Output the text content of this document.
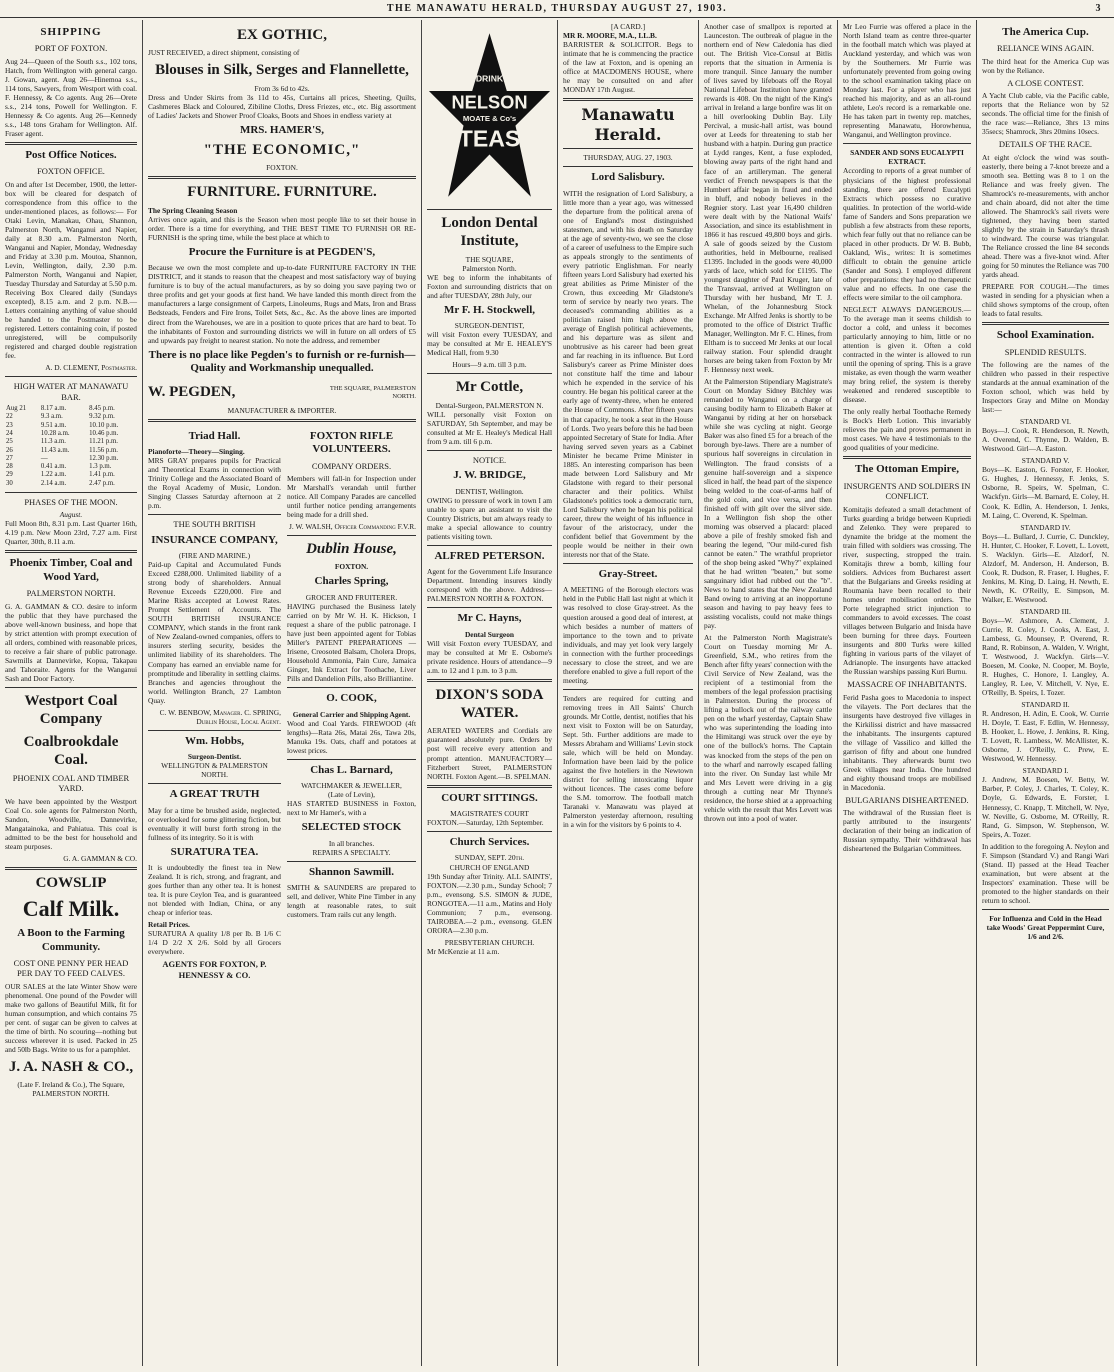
THE MANAWATU HERALD, THURSDAY AUGUST 27, 1903.	3
SHIPPING
PORT OF FOXTON.

Aug 24—Queen of the South s.s., 102 tons, Hatch, from Wellington with general cargo. J. Gowan, agent. Aug 26—Hinemoa s.s., 114 tons, Sawyers, from Westport with coal. F. Hennessy, & Co agents. Aug 26—Orete s.s., 214 tons, Powell for Wellington. F. Hennessy & Co agents. Aug 26—Kennedy s.s., 148 tons Graham for Wellington. Alf. Fraser agent.

Post Office Notices.
FOXTON OFFICE.

On and after 1st December, 1900, the letter-box will be cleared for despatch of correspondence from this office to the under-mentioned places, as follows:— For Otaki Levin, Manakau, Ohau, Shannon, Palmerston North, Wanganui and Napier, daily at 8.30 a.m. Palmerston North, Wanganui and Napier, Monday, Wednesday and Friday at 3.30 p.m. Moutoa, Shannon, Levin, Wellington, daily, 2.30 p.m. Palmerston North, Wanganui and Napier, Tuesday Thursday and Saturday at 5.50 p.m. Receiving Box Cleared daily (Sundays excepted), 8.15 a.m. and 2 p.m. N.B.—Letters containing anything of value should be handed to the Postmaster to be registered. Letters containing coin, if posted unregistered, will be compulsorily registered and charged double registration fee.

A. D. CLEMENT, Postmaster.
HIGH WATER AT MANAWATU BAR.
Aug 21	8.17 a.m.	8.45 p.m.
22	9.3 a.m.	9.32 p.m.
23	9.51 a.m.	10.10 p.m.
24	10.28 a.m.	10.46 p.m.
25	11.3 a.m.	11.21 p.m.
26	11.43 a.m.	11.56 p.m.
27	—	12.30 p.m.
28	0.41 a.m.	1.3 p.m.
29	1.22 a.m.	1.41 p.m.
30	2.14 a.m.	2.47 p.m.
PHASES OF THE MOON.
August.

Full Moon 8th, 8.31 p.m. Last Quarter 16th, 4.19 p.m. New Moon 23rd, 7.27 a.m. First Quarter, 30th, 8.11 a.m.

Phoenix Timber, Coal and Wood Yard,
PALMERSTON NORTH.

G. A. GAMMAN & CO. desire to inform the public that they have purchased the above well-known business, and hope that by strict attention with prompt execution of all orders, combined with reasonable prices, to receive a fair share of public patronage. Sawmills at Dannevirke, Kopua, Takapau and Tahoraite. Agents for the Wanganui Sash and Door Factory.

Westport Coal Company
Coalbrookdale Coal.
PHOENIX COAL AND TIMBER YARD.

We have been appointed by the Westport Coal Co. sole agents for Palmerston North, Sandon, Woodville, Dannevirke, Mangatainoka, and Pahiatua. This coal is admitted to be the best for household and steam purposes.

G. A. GAMMAN & CO.
COWSLIP
Calf Milk.
A Boon to the Farming Community.
COST ONE PENNY PER HEAD PER DAY TO FEED CALVES.

OUR SALES at the late Winter Show were phenomenal. One pound of the Powder will make two gallons of Beautiful Milk, fit for human consumption, and which contains 75 per cent. of sugar can be given to calves at the time of birth. No scouring—nothing but success wherever it is used. Packed in 25 and 50lb Bags. Write to us for a pamphlet.

J. A. NASH & CO.,
(Late F. Ireland & Co.), The Square, PALMERSTON NORTH.
EX GOTHIC,

JUST RECEIVED, a direct shipment, consisting of

Blouses in Silk, Serges and Flannellette,
From 3s 6d to 42s.

Dress and Under Skirts from 3s 11d to 45s, Curtains all prices, Sheeting, Quilts, Cashmeres Black and Coloured, Zibiline Cloths, Dress Friezes, etc., etc. Big assortment of Ladies' Jackets and Shower Proof Cloaks, Boots and Shoes in endless variety at

MRS. HAMER'S,
"THE ECONOMIC,"
FOXTON.
FURNITURE. FURNITURE.
The Spring Cleaning Season

Arrives once again, and this is the Season when most people like to set their house in order. There is a time for everything, and THE BEST TIME TO FURNISH OR RE-FURNISH is the spring time, while the best place at which to

Procure the Furniture is at PEGDEN'S,

Because we own the most complete and up-to-date FURNITURE FACTORY IN THE DISTRICT, and it stands to reason that the cheapest and most satisfactory way of buying furniture is to buy of the actual manufacturers, as by so doing you save paying two or three profits and get your goods at first hand. We have landed this month direct from the manufacturers a large consignment of Carpets, Linoleums, Rugs and Mats, Iron and Brass Bedsteads, Fenders and Fire Irons, Toilet Sets, &c., &c. As the above lines are imported direct from the Warehouses, we are in a position to quote prices that are hard to beat. To the inhabitants of Foxton and surrounding districts we will in future on all orders of £5 and upwards pay freight to nearest station. No note the address, and remember

There is no place like Pegden's to furnish or re-furnish—Quality and Workmanship unequalled.
W. PEGDEN,	THE SQUARE, PALMERSTON NORTH.
MANUFACTURER & IMPORTER.
Triad Hall.
Pianoforte—Theory—Singing.

MRS GRAY prepares pupils for Practical and Theoretical Exams in connection with Trinity College and the Associated Board of the Royal Academy of Music, London. Singing Classes Saturday afternoon at 2 p.m.

THE SOUTH BRITISH
INSURANCE COMPANY,
(FIRE AND MARINE.)

Paid-up Capital and Accumulated Funds Exceed £288,000. Unlimited liability of a strong body of shareholders. Annual Revenue Exceeds £220,000. Fire and Marine Risks accepted at Lowest Rates. Prompt Settlement of Accounts. The SOUTH BRITISH INSURANCE COMPANY, which stands in the front rank of New Zealand-owned companies, offers to insurers sterling security, besides the unlimited liability of its shareholders. The Company has earned an enviable name for promptitude and liberality in settling claims. Branches and agencies throughout the world. Wellington Branch, 27 Lambton Quay.

C. W. BENBOW, Manager. C. SPRING, Dublin House, Local Agent.
Wm. Hobbs,
Surgeon-Dentist.
WELLINGTON & PALMERSTON NORTH.
A GREAT TRUTH

May for a time be brushed aside, neglected, or overlooked for some glittering fiction, but eventually it will burst forth strong in the fullness of its integrity. So it is with

SURATURA TEA.

It is undoubtedly the finest tea in New Zealand. It is rich, strong, and fragrant, and goes further than any other tea. It is honest tea. It is pure Ceylon Tea, and is guaranteed not blended with Indian, China, or any cheap or inferior teas.

Retail Prices.

SURATURA A quality 1/8 per lb. B 1/6 C 1/4 D 2/2 X 2/6. Sold by all Grocers everywhere.

AGENTS FOR FOXTON, P. HENNESSY & CO.
FOXTON RIFLE VOLUNTEERS.
COMPANY ORDERS.

Members will fall-in for Inspection under Mr Marshall's verandah until further notice. All Company Parades are cancelled until further notice pending arrangements being made for a drill shed.

J. W. WALSH, Officer Commanding F.V.R.
Dublin House,
FOXTON.
Charles Spring,
GROCER AND FRUITERER.

HAVING purchased the Business lately carried on by Mr W. H. K. Hickson, I request a share of the public patronage. I have just been appointed agent for Tobias Miller's PATENT PREPARATIONS — Irisene, Creosoted Balsam, Cholera Drops, Household Ammonia, Pain Cure, Jamaica Ginger, Ink Extract for Toothache, Liver Pills and Dandelion Pills, also Brilliantine.

O. COOK,
General Carrier and Shipping Agent.

Wood and Coal Yards. FIREWOOD (4ft lengths)—Rata 26s, Matai 26s, Tawa 20s, Manuka 19s. Oats, chaff and potatoes at lowest prices.

Chas L. Barnard,
WATCHMAKER & JEWELLER,
(Late of Levin),

HAS STARTED BUSINESS in Foxton, next to Mr Hamer's, with a

SELECTED STOCK
In all branches.
REPAIRS A SPECIALTY.
Shannon Sawmill.

SMITH & SAUNDERS are prepared to sell, and deliver, White Pine Timber in any length at reasonable rates, to suit customers. Tram rails cut any length.

DRINK
NELSON
MOATE & Co's
TEAS
London Dental Institute,
THE SQUARE,
Palmerston North.

WE beg to inform the inhabitants of Foxton and surrounding districts that on and after TUESDAY, 28th July, our

Mr F. H. Stockwell,
SURGEON-DENTIST,

will visit Foxton every TUESDAY, and may be consulted at Mr E. HEALEY'S Medical Hall, from 9.30

Hours—9 a.m. till 3 p.m.
Mr Cottle,
Dental-Surgeon, PALMERSTON N.

WILL personally visit Foxton on SATURDAY, 5th September, and may be consulted at Mr E. Healey's Medical Hall from 9 a.m. till 6 p.m.

NOTICE.
J. W. BRIDGE,
DENTIST, Wellington.

OWING to pressure of work in town I am unable to spare an assistant to visit the Country Districts, but am always ready to make a special allowance to country patients visiting town.

ALFRED PETERSON.

Agent for the Government Life Insurance Department. Intending insurers kindly correspond with the above. Address— PALMERSTON NORTH & FOXTON.

Mr C. Hayns,
Dental Surgeon

Will visit Foxton every TUESDAY, and may be consulted at Mr E. Osborne's private residence. Hours of attendance—9 a.m. to 12 and 1 p.m. to 3 p.m.

DIXON'S SODA WATER.

AERATED WATERS and Cordials are guaranteed absolutely pure. Orders by post will receive every attention and prompt attention. MANUFACTORY—Fitzherbert Street, PALMERSTON NORTH. Foxton Agent.—B. SPELMAN.

COURT SITTINGS.
MAGISTRATE'S COURT

FOXTON.—Saturday, 12th September.

Church Services.
SUNDAY, SEPT. 20th.
CHURCH OF ENGLAND

19th Sunday after Trinity. ALL SAINTS', FOXTON.—2.30 p.m., Sunday School; 7 p.m., evensong. S.S. SIMON & JUDE, RONGOTEA.—11 a.m., Matins and Holy Communion; 7 p.m., evensong. TAIROBEA.—2 p.m., evensong. GLEN ORORA—2.30 p.m.

PRESBYTERIAN CHURCH.

Mr McKenzie at 11 a.m.

[A CARD.]
MR R. MOORE, M.A., LL.B.

BARRISTER & SOLICITOR. Begs to intimate that he is commencing the practice of the law at Foxton, and is opening an office at MACDOMENS HOUSE, where he may be consulted on and after MONDAY 17th August.

Manawatu Herald.
THURSDAY, AUG. 27, 1903.
Lord Salisbury.

WITH the resignation of Lord Salisbury, a little more than a year ago, was witnessed the departure from the political arena of one of England's most distinguished statesmen, and with his death on Saturday at the age of seventy-two, we see the close of a career of usefulness to the Empire such as appeals strongly to the sentiments of every patriotic Englishman. For nearly fifteen years Lord Salisbury had exerted his great abilities as Prime Minister of the Crown, thus exceeding Mr Gladstone's term of service by nearly two years. The deceased's commanding abilities as a politician raised him high above the average of English political achievements, and his departure was as silent and unobtrusive as his career had been great and far reaching in its influence. But Lord Salisbury's career as Prime Minister does not constitute half the time and labour which he expended in the service of his country. He began his political career at the early age of twenty-three, when he entered the House of Commons. After fifteen years in that capacity, he took a seat in the House of Lords. Two years before this he had been appointed Secretary of State for India. After having served seven years as a Cabinet Minister he became Prime Minister in 1885. An interesting comparison has been made between Lord Salisbury and Mr Gladstone with regard to their personal character and their politics. Whilst Gladstone's politics took a democratic turn, Lord Salisbury when he began his political career, threw the weight of his influence in favour of the aristocracy, under the confident belief that Government by the people would be neither in their own interests nor that of the State.

Gray-Street.

A MEETING of the Borough electors was held in the Public Hall last night at which it was resolved to close Gray-street. As the question aroused a good deal of interest, at which besides a number of matters of importance to the town and to private individuals, and may yet look very largely in connection with the further proceedings necessary to close the street, and we are therefore enabled to give a full report of the meeting.

Tenders are required for cutting and removing trees in All Saints' Church grounds. Mr Cottle, dentist, notifies that his next visit to Foxton will be on Saturday, Sept. 5th. Further additions are made to Messrs Abraham and Williams' Levin stock sale, which will be held on Monday. Information have been laid by the police against the five hoteliers in the Newtown district for selling intoxicating liquor without licences. The cases come before the S.M. tomorrow. The football match Taranaki v. Manawatu was played at Palmerston yesterday afternoon, resulting in a win for the visitors by 6 points to 4.

Another case of smallpox is reported at Launceston. The outbreak of plague in the northern end of New Caledonia has died out. The British Vice-Consul at Bitlis reports that the situation in Armenia is more tranquil. Since January the number of lives saved by lifeboats off the Royal National Lifeboat Institution have granted rewards is 408. On the night of the King's arrival in Ireland a large bonfire was lit on a hill overlooking Dublin Bay. Lily Percival, a music-hall artist, was bound over at Leeds for threatening to stab her husband with a hatpin. During gun practice at Lydd ranges, Kent, a fuse exploded, blowing away parts of the right hand and face of an artilleryman. The general verdict of French newspapers is that the Humbert affair began in fraud and ended in bluff, and nobody believes in the Regnier story. Last year 16,490 children were dealt with by the National Waifs' Association, and since its establishment in 1866 it has rescued 49,800 boys and girls. A sale of goods seized by the Custom authorities, held in Melbourne, realised £1395. Included in the goods were 40,000 yards of lace, which sold for £1195. The youngest daughter of Paul Kruger, late of the Transvaal, arrived at Wellington on Thursday with her husband, Mr T. J. Whelan, of the Johannesburg Stock Exchange. Mr Alfred Jenks is shortly to be promoted to the office of District Traffic Manager, Wellington. Mr F. C. Hines, from Eltham is to succeed Mr Jenks at our local railway station. Four splendid draught horses are being taken from Foxton by Mr F. Hennessy next week.

At the Palmerston Stipendiary Magistrate's Court on Monday Sidney Bitchley was remanded to Wanganui on a charge of causing bodily harm to Elizabeth Baker at Wanganui by riding at her on horseback while she was cycling at night. George Baker was also fined £5 for a breach of the borough bye-laws. There are a number of spurious half sovereigns in circulation in Wellington. The fraud consists of a genuine half-sovereign and a sixpence sliced in half, the head part of the sixpence being welded to the coat-of-arms half of the gold coin, and vice versa, and then finished off with gilt over the silver side. In a Wellington fish shop the other morning was observed a placard: placed above a pile of freshly smoked fish and bearing the legend, "Our mild-cured fish cannot be eaten." The wrathful proprietor of the shop being asked "Why?" explained that he had written "beaten," but some sanguinary idiot had rubbed out the "b". News to hand states that the New Zealand Band owing to arriving at an inopportune season and having to pay heavy fees to assisting vocalists, could not make things pay.

At the Palmerston North Magistrate's Court on Tuesday morning Mr A. Greenfield, S.M., who retires from the Bench after fifty years' connection with the Civil Service of New Zealand, was the recipient of a testimonial from the members of the legal profession practising in Palmerston. During the process of lifting a bullock out of the railway cattle pen on the wharf yesterday, Captain Shaw who was superintending the loading into the Himitangi was struck over the eye by one of the bullock's horns. The Captain was knocked from the steps of the pen on to the wharf and narrowly escaped falling into the river. On Sunday last while Mr and Mrs Levett were driving in a gig through a cutting near Mr Thynne's residence, the horse shied at a approaching vehicle with the result that Mrs Levett was thrown out into a pool of water.

Mr Leo Furrie was offered a place in the North Island team as centre three-quarter in the football match which was played at Auckland yesterday, and which was won by the Southerners. Mr Furrie was unfortunately prevented from going owing to the school examination taking place on Monday last. For a player who has just reached his majority, and as an all-round athlete, Leo's record is a remarkable one. He has taken part in twenty rep. matches, representing Manawatu, Horowhenua, Wanganui, and Wellington province.

SANDER AND SONS EUCALYPTI EXTRACT.

According to reports of a great number of physicians of the highest professional standing, there are offered Eucalypti Extracts which possess no curative qualities. In protection of the world-wide fame of Sanders and Sons preparation we publish a few abstracts from these reports, which fear fully out that no reliance can be placed in other products. Dr W. B. Bubb, Oakland, Wis., writes: It is sometimes difficult to obtain the genuine article (Sander and Sons). I employed different other preparations: they had no therapeutic value and no effects. In one case the effects were similar to the oil camphora.

NEGLECT ALWAYS DANGEROUS.—To the average man it seems childish to doctor a cold, and unless it becomes particularly annoying to him, little or no attention is given it. Often a cold contracted in the winter is allowed to run until the opening of spring. This is a grave mistake, as even though the warm weather may bring relief, the system is thereby weakened and rendered susceptible to disease.

The only really herbal Toothache Remedy is Bock's Herb Lotion. This invariably relieves the pain and proves permanent in most cases. We have 4 testimonials to the good qualities of your medicine.

The Ottoman Empire,
INSURGENTS AND SOLDIERS IN CONFLICT.

Komitajis defeated a small detachment of Turks guarding a bridge between Kupriedi and Zelenko. They were prepared to dynamite the bridge at the moment the train filled with soldiers was crossing. The river, suspecting, stropped the train. Komitajis threw a bomb, killing four soldiers. Advices from Bucharest assert that the Bulgarians and Greeks residing at Roumania have been recalled to their homes under mobilisation orders. The Porte telegraphed strict injunction to commanders to avoid excesses. The coast villages between Bulgario and Inisda have been burning for three days. Fourteen insurgents and 800 Turks were killed fighting in various parts of the vilayet of Adrianople. The insurgents have attacked the Russian warships passing Kuri Burnu.

MASSACRE OF INHABITANTS.

Ferid Pasha goes to Macedonia to inspect the vilayets. The Port declares that the insurgents have destroyed five villages in the Kirkilissi district and have massacred the inhabitants. The insurgents captured the village of Vassilico and killed the garrison of fifty and about one hundred inhabitants. They afterwards burnt two Greek villages near India. One hundred and eighty thousand troops are mobilised in Macedonia.

BULGARIANS DISHEARTENED.

The withdrawal of the Russian fleet is partly attributed to the insurgents' declaration of their being an indication of Russian sympathy. Their withdrawal has disheartened the Bulgarian Committees.

The America Cup.
RELIANCE WINS AGAIN.

The third heat for the America Cup was won by the Reliance.

A CLOSE CONTEST.

A Yacht Club cable, via the Pacific cable, reports that the Reliance won by 52 seconds. The official time for the finish of the race was:—Reliance, 3hrs 13 mins 35secs; Shamrock, 3hrs 20mins 10secs.

DETAILS OF THE RACE.

At eight o'clock the wind was south-easterly, there being a 7-knot breeze and a smooth sea. Betting was 8 to 1 on the Reliance and was freely given. The Shamrock's re-measurements, with anchor and chain aboard, did not alter the time allowed. The Shamrock's sail rivets were tightened, they having been started slightly by the strain in Saturday's thrash to windward. The course was triangular. The Reliance crossed the line 84 seconds ahead. There was a five-knot wind. After going for 50 minutes the Reliance was 700 yards ahead.

PREPARE FOR COUGH.—The times wasted in sending for a physician when a child shows symptoms of the croup, often leads to fatal results.

School Examination.
SPLENDID RESULTS.

The following are the names of the children who passed in their respective standards at the annual examination of the Foxton school, which was held by Inspectors Gray and Milne on Monday last:—

STANDARD VI.

Boys—J. Cook, R. Henderson, R. Newth, A. Overend, C. Thynne, D. Walden, B. Westwood. Girl—A. Easton.

STANDARD V.

Boys—K. Easton, G. Forster, F. Hooker, G. Hughes, J. Hennessy, F. Jenks, S. Osborne, R. Speirs, W. Spelman, C. Wackfyn. Girls—M. Barnard, E. Coley, H. Cook, K. Edlin, A. Henderson, I. Jenks, M. Laing, C. Overend, K. Spelman.

STANDARD IV.

Boys—L. Bullard, J. Currie, C. Dunckley, H. Hunter, C. Hooker, F. Lovett, L. Lovett, S. Wacklyn. Girls—E. Alzdorf, N. Alzdorf, M. Anderson, H. Anderson, B. Cook, R. Dudson, R. Fraser, I. Hughes, F. Jenkins, M. King, D. Laing, H. Newth, E. Newth, K. O'Reilly, E. Simpson, M. Walker, E. Westwood.

STANDARD III.

Boys—W. Ashmore, A. Clement, J. Currie, R. Coley, J. Cooks, A. East, J. Lambess, G. Mounsey, P. Overend, R. Rand, R. Robinson, A. Walden, V. Wright, T. Westwood, J. Wackfyn. Girls—V. Boesen, M. Cooke, N. Cooper, M. Boyle, R. Hughes, C. Honore, I. Langley, A. Langley, R. Lee, V. Mitchell, V. Nye, E. O'Reilly, B. Speirs, I. Tozer.

STANDARD II.

R. Andreson, H. Adin, E. Cook, W. Currie H. Doyle, T. East, F. Edlin, W. Hennessy, B. Hooker, L. Howe, J. Jenkins, R. King, T. Lovett, R. Lambess, W. McAllister, K. Osborne, J. O'Reilly, C. Prew, E. Westwood, W. Hennessy.

STANDARD I.

J. Andrew, M. Boesen, W. Betty, W. Barber, P. Coley, J. Charles, T. Coley, K. Doyle, G. Edwards, E. Forster, I. Hennessy, C. Knapp, T. Mitchell, W. Nye, W. Neville, G. Osborne, M. O'Reilly, R. Rand, G. Simpson, W. Stephenson, W. Speirs, A. Tozer.

In addition to the foregoing A. Neylon and F. Simpson (Standard V.) and Rangi Wari (Stand. II) passed at the Head Teacher examination, but were absent at the Inspectors' examination. These will be promoted to the higher standards on their return to school.

For Influenza and Cold in the Head take Woods' Great Peppermint Cure, 1/6 and 2/6.
